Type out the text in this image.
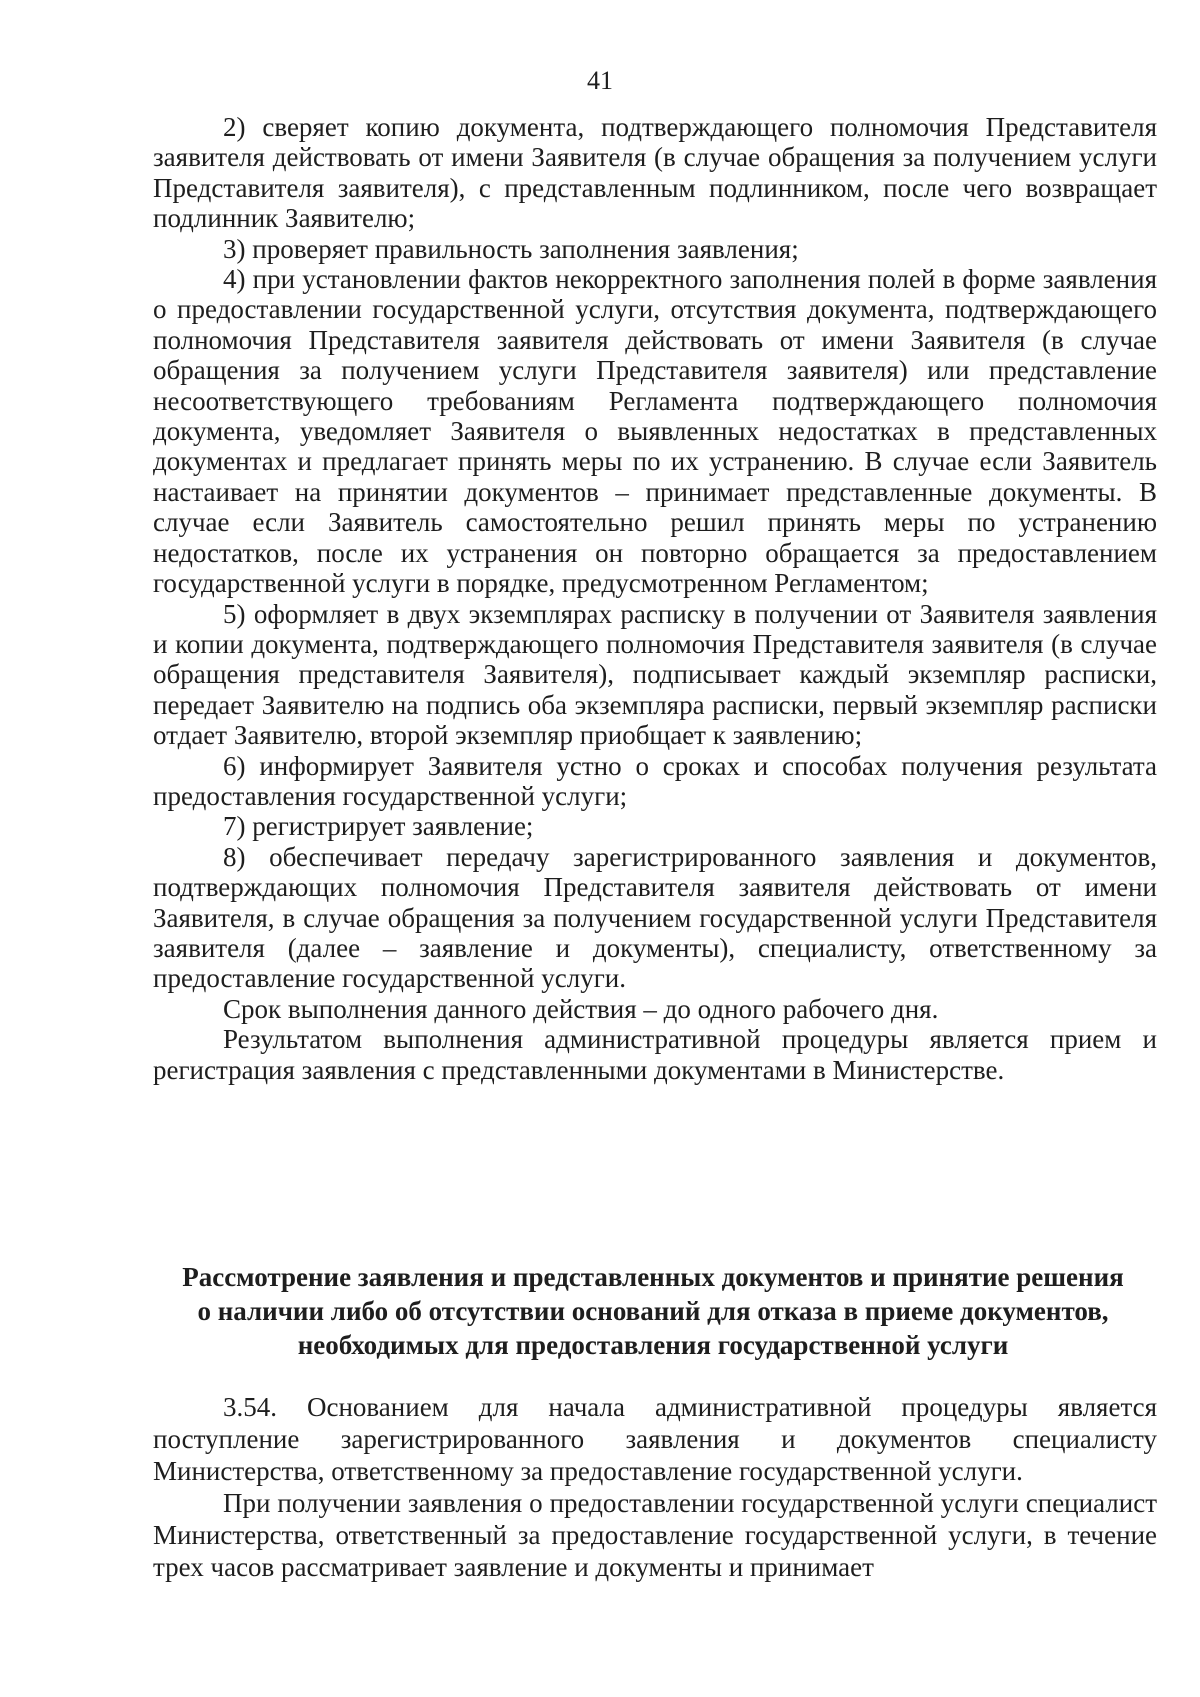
41

2) сверяет копию документа, подтверждающего полномочия Представителя заявителя действовать от имени Заявителя (в случае обращения за получением услуги Представителя заявителя), с представленным подлинником, после чего возвращает подлинник Заявителю;

3) проверяет правильность заполнения заявления;

4) при установлении фактов некорректного заполнения полей в форме заявления о предоставлении государственной услуги, отсутствия документа, подтверждающего полномочия Представителя заявителя действовать от имени Заявителя (в случае обращения за получением услуги Представителя заявителя) или представление несоответствующего требованиям Регламента подтверждающего полномочия документа, уведомляет Заявителя о выявленных недостатках в представленных документах и предлагает принять меры по их устранению. В случае если Заявитель настаивает на принятии документов – принимает представленные документы. В случае если Заявитель самостоятельно решил принять меры по устранению недостатков, после их устранения он повторно обращается за предоставлением государственной услуги в порядке, предусмотренном Регламентом;

5) оформляет в двух экземплярах расписку в получении от Заявителя заявления и копии документа, подтверждающего полномочия Представителя заявителя (в случае обращения представителя Заявителя), подписывает каждый экземпляр расписки, передает Заявителю на подпись оба экземпляра расписки, первый экземпляр расписки отдает Заявителю, второй экземпляр приобщает к заявлению;

6) информирует Заявителя устно о сроках и способах получения результата предоставления государственной услуги;

7) регистрирует заявление;

8) обеспечивает передачу зарегистрированного заявления и документов, подтверждающих полномочия Представителя заявителя действовать от имени Заявителя, в случае обращения за получением государственной услуги Представителя заявителя (далее – заявление и документы), специалисту, ответственному за предоставление государственной услуги.

Срок выполнения данного действия – до одного рабочего дня.

Результатом выполнения административной процедуры является прием и регистрация заявления с представленными документами в Министерстве.

Рассмотрение заявления и представленных документов и принятие решения
о наличии либо об отсутствии оснований для отказа в приеме документов,
необходимых для предоставления государственной услуги

3.54. Основанием для начала административной процедуры является поступление зарегистрированного заявления и документов специалисту Министерства, ответственному за предоставление государственной услуги.

При получении заявления о предоставлении государственной услуги специалист Министерства, ответственный за предоставление государственной услуги, в течение трех часов рассматривает заявление и документы и принимает
